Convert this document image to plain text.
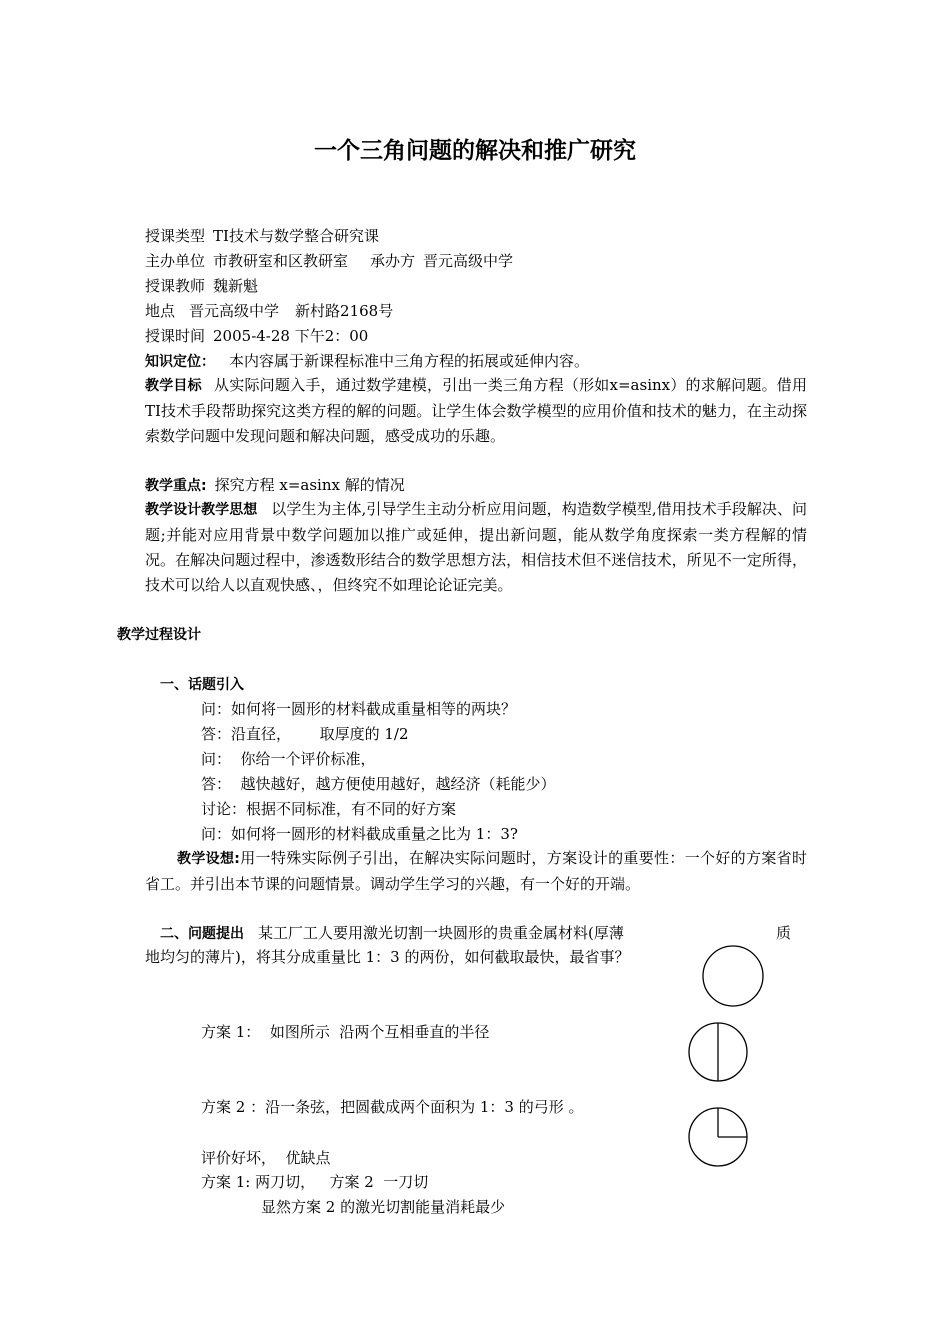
一个三角问题的解决和推广研究
授课类型 TI技术与数学整合研究课
主办单位 市教研室和区教研室 承办方 晋元高级中学
授课教师 魏新魁
地点 晋元高级中学 新村路2168号
授课时间 2005-4-28 下午2：00
知识定位： 本内容属于新课程标准中三角方程的拓展或延伸内容。
教学目标 从实际问题入手，通过数学建模，引出一类三角方程（形如x=asinx）的求解问题。借用TI技术手段帮助探究这类方程的解的问题。让学生体会数学模型的应用价值和技术的魅力，在主动探索数学问题中发现问题和解决问题，感受成功的乐趣。
教学重点: 探究方程 x=asinx 解的情况
教学设计教学思想 以学生为主体,引导学生主动分析应用问题，构造数学模型,借用技术手段解决、问题;并能对应用背景中数学问题加以推广或延伸，提出新问题，能从数学角度探索一类方程解的情况。在解决问题过程中，渗透数形结合的数学思想方法，相信技术但不迷信技术，所见不一定所得，技术可以给人以直观快感、，但终究不如理论论证完美。
教学过程设计
一、话题引入
问：如何将一圆形的材料截成重量相等的两块？
答：沿直径，      取厚度的 1/2
问：  你给一个评价标准，
答：  越快越好，越方便使用越好，越经济（耗能少）
讨论：根据不同标准，有不同的好方案
问：如何将一圆形的材料截成重量之比为 1：3?
教学设想:用一特殊实际例子引出，在解决实际问题时，方案设计的重要性：一个好的方案省时省工。并引出本节课的问题情景。调动学生学习的兴趣，有一个好的开端。
二、问题提出 某工厂工人要用激光切割一块圆形的贵重金属材料(厚薄	质
地均匀的薄片)，将其分成重量比 1：3 的两份，如何截取最快，最省事？
方案 1：  如图所示  沿两个互相垂直的半径
方案 2 ：沿一条弦，把圆截成两个面积为 1：3 的弓形 。
评价好坏，  优缺点
方案 1: 两刀切，   方案 2  一刀切
显然方案 2 的激光切割能量消耗最少
